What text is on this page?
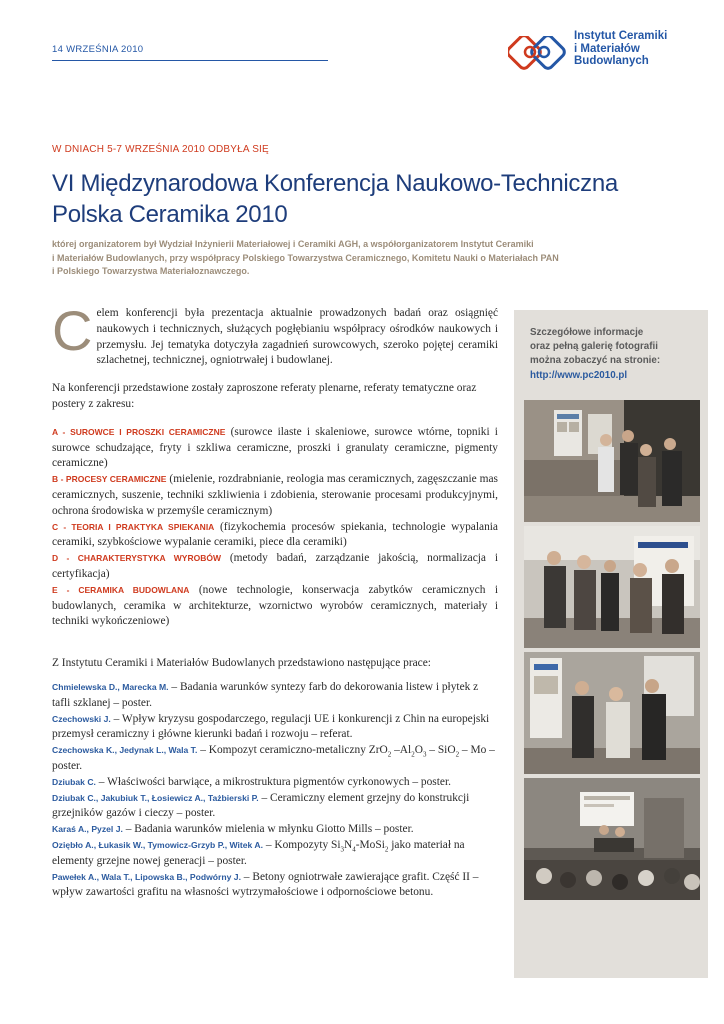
14 WRZEŚNIA 2010
Instytut Ceramiki
i Materiałów
Budowlanych
W DNIACH 5-7 WRZEŚNIA 2010 ODBYŁA SIĘ
VI Międzynarodowa Konferencja Naukowo-Techniczna
Polska Ceramika 2010
której organizatorem był Wydział Inżynierii Materiałowej i Ceramiki AGH, a współorganizatorem Instytut Ceramiki
i Materiałów Budowlanych, przy współpracy Polskiego Towarzystwa Ceramicznego, Komitetu Nauki o Materiałach PAN
i Polskiego Towarzystwa Materiałoznawczego.

C elem konferencji była prezentacja aktualnie prowadzonych badań oraz osiągnięć naukowych i technicznych, służących pogłębianiu współpracy ośrodków naukowych i przemysłu. Jej tematyka dotyczyła zagadnień surowcowych, szeroko pojętej ceramiki szlachetnej, technicznej, ogniotrwałej i budowlanej.

Na konferencji przedstawione zostały zaproszone referaty plenarne, referaty tematyczne oraz postery z zakresu:

A - SUROWCE I PROSZKI CERAMICZNE (surowce ilaste i skaleniowe, surowce wtórne, topniki i surowce schudzające, fryty i szkliwa ceramiczne, proszki i granulaty ceramiczne, pigmenty ceramiczne)

B - PROCESY CERAMICZNE (mielenie, rozdrabnianie, reologia mas ceramicznych, zagęszczanie mas ceramicznych, suszenie, techniki szkliwienia i zdobienia, sterowanie procesami produkcyjnymi, ochrona środowiska w przemyśle ceramicznym)

C - TEORIA I PRAKTYKA SPIEKANIA (fizykochemia procesów spiekania, technologie wypalania ceramiki, szybkościowe wypalanie ceramiki, piece dla ceramiki)

D - CHARAKTERYSTYKA WYROBÓW (metody badań, zarządzanie jakością, normalizacja i certyfikacja)

E - CERAMIKA BUDOWLANA (nowe technologie, konserwacja zabytków ceramicznych i budowlanych, ceramika w architekturze, wzornictwo wyrobów ceramicznych, materiały i techniki wykończeniowe)

Z Instytutu Ceramiki i Materiałów Budowlanych przedstawiono następujące prace:

Chmielewska D., Marecka M. – Badania warunków syntezy farb do dekorowania listew i płytek z tafli szklanej – poster.

Czechowski J. – Wpływ kryzysu gospodarczego, regulacji UE i konkurencji z Chin na europejski przemysł ceramiczny i główne kierunki badań i rozwoju – referat.

Czechowska K., Jedynak L., Wala T. – Kompozyt ceramiczno-metaliczny ZrO$_2$ $-Al_2O_3 - SiO_2$ – Mo – poster.

Dziubak C. – Właściwości barwiące, a mikrostruktura pigmentów cyrkonowych – poster.

Dziubak C., Jakubiuk T., Łosiewicz A., Tażbierski P. – Ceramiczny element grzejny do konstrukcji grzejników gazów i cieczy – poster.

Karaś A., Pyzel J. – Badania warunków mielenia w młynku Giotto Mills – poster.

Oziębło A., Łukasik W., Tymowicz-Grzyb P., Witek A. – Kompozyty $Si_3N_4-MoSi_2$ jako materiał na elementy grzejne nowej generacji – poster.

Pawełek A., Wala T., Lipowska B., Podwórny J. – Betony ogniotrwałe zawierające grafit. Część II – wpływ zawartości grafitu na własności wytrzymałościowe i odpornościowe betonu.

Szczegółowe informacje
oraz pełną galerię fotografii
można zobaczyć na stronie:
http://www.pc2010.pl
